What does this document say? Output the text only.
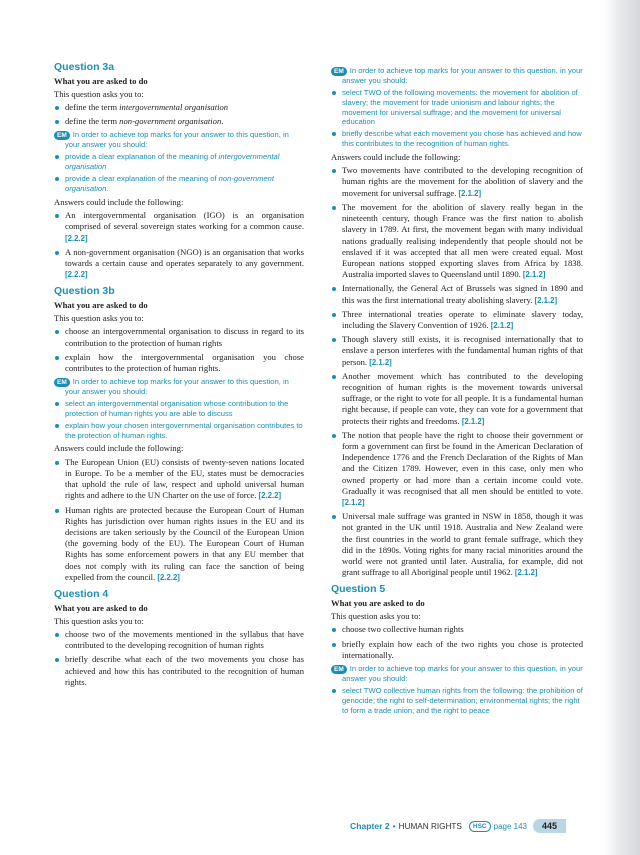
Question 3a
What you are asked to do
This question asks you to:
define the term intergovernmental organisation
define the term non-government organisation.
EM In order to achieve top marks for your answer to this question, in your answer you should:
provide a clear explanation of the meaning of intergovernmental organisation
provide a clear explanation of the meaning of non-government organisation.
Answers could include the following:
An intergovernmental organisation (IGO) is an organisation comprised of several sovereign states working for a common cause. [2.2.2]
A non-government organisation (NGO) is an organisation that works towards a certain cause and operates separately to any government. [2.2.2]
Question 3b
What you are asked to do
This question asks you to:
choose an intergovernmental organisation to discuss in regard to its contribution to the protection of human rights
explain how the intergovernmental organisation you chose contributes to the protection of human rights.
EM In order to achieve top marks for your answer to this question, in your answer you should:
select an intergovernmental organisation whose contribution to the protection of human rights you are able to discuss
explain how your chosen intergovernmental organisation contributes to the protection of human rights.
Answers could include the following:
The European Union (EU) consists of twenty-seven nations located in Europe. To be a member of the EU, states must be democracies that uphold the rule of law, respect and uphold universal human rights and adhere to the UN Charter on the use of force. [2.2.2]
Human rights are protected because the European Court of Human Rights has jurisdiction over human rights issues in the EU and its decisions are taken seriously by the Council of the European Union (the governing body of the EU). The European Court of Human Rights has some enforcement powers in that any EU member that does not comply with its ruling can face the sanction of being expelled from the council. [2.2.2]
Question 4
What you are asked to do
This question asks you to:
choose two of the movements mentioned in the syllabus that have contributed to the developing recognition of human rights
briefly describe what each of the two movements you chose has achieved and how this has contributed to the recognition of human rights.
EM In order to achieve top marks for your answer to this question, in your answer you should:
select TWO of the following movements: the movement for abolition of slavery; the movement for trade unionism and labour rights; the movement for universal suffrage; and the movement for universal education
briefly describe what each movement you chose has achieved and how this contributes to the recognition of human rights.
Answers could include the following:
Two movements have contributed to the developing recognition of human rights are the movement for the abolition of slavery and the movement for universal suffrage. [2.1.2]
The movement for the abolition of slavery really began in the nineteenth century, though France was the first nation to abolish slavery in 1789. At first, the movement began with many individual nations gradually realising independently that people should not be enslaved if it was accepted that all men were created equal. Most European nations stopped exporting slaves from Africa by 1838. Australia imported slaves to Queensland until 1890. [2.1.2]
Internationally, the General Act of Brussels was signed in 1890 and this was the first international treaty abolishing slavery. [2.1.2]
Three international treaties operate to eliminate slavery today, including the Slavery Convention of 1926. [2.1.2]
Though slavery still exists, it is recognised internationally that to enslave a person interferes with the fundamental human rights of that person. [2.1.2]
Another movement which has contributed to the developing recognition of human rights is the movement towards universal suffrage, or the right to vote for all people. It is a fundamental human right because, if people can vote, they can vote for a government that protects their rights and freedoms. [2.1.2]
The notion that people have the right to choose their government or form a government can first be found in the American Declaration of Independence 1776 and the French Declaration of the Rights of Man and the Citizen 1789. However, even in this case, only men who owned property or had more than a certain income could vote. Gradually it was recognised that all men should be entitled to vote. [2.1.2]
Universal male suffrage was granted in NSW in 1858, though it was not granted in the UK until 1918. Australia and New Zealand were the first countries in the world to grant female suffrage, which they did in the 1890s. Voting rights for many racial minorities around the world were not granted until later. Australia, for example, did not grant suffrage to all Aboriginal people until 1962. [2.1.2]
Question 5
What you are asked to do
This question asks you to:
choose two collective human rights
briefly explain how each of the two rights you chose is protected internationally.
EM In order to achieve top marks for your answer to this question, in your answer you should:
select TWO collective human rights from the following: the prohibition of genocide; the right to self-determination; environmental rights; the right to form a trade union; and the right to peace
Chapter 2 • HUMAN RIGHTS	HSC page 143	445
